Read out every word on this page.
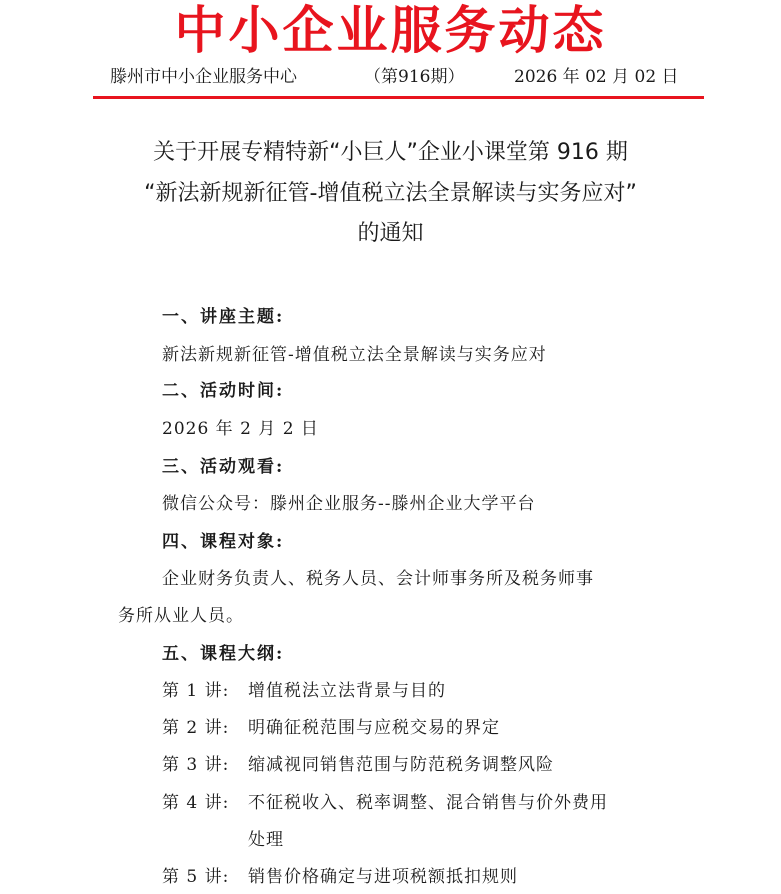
中小企业服务动态
滕州市中小企业服务中心	（第916期）	2026 年 02 月 02 日
关于开展专精特新“小巨人”企业小课堂第 916 期
“新法新规新征管-增值税立法全景解读与实务应对”
的通知
一、讲座主题:
新法新规新征管-增值税立法全景解读与实务应对
二、活动时间:
2026 年 2 月 2 日
三、活动观看:
微信公众号：滕州企业服务--滕州企业大学平台
四、课程对象:
企业财务负责人、税务人员、会计师事务所及税务师事
务所从业人员。
五、课程大纲:
第 1 讲: 增值税法立法背景与目的
第 2 讲: 明确征税范围与应税交易的界定
第 3 讲: 缩减视同销售范围与防范税务调整风险
第 4 讲: 不征税收入、税率调整、混合销售与价外费用
处理
第 5 讲: 销售价格确定与进项税额抵扣规则
